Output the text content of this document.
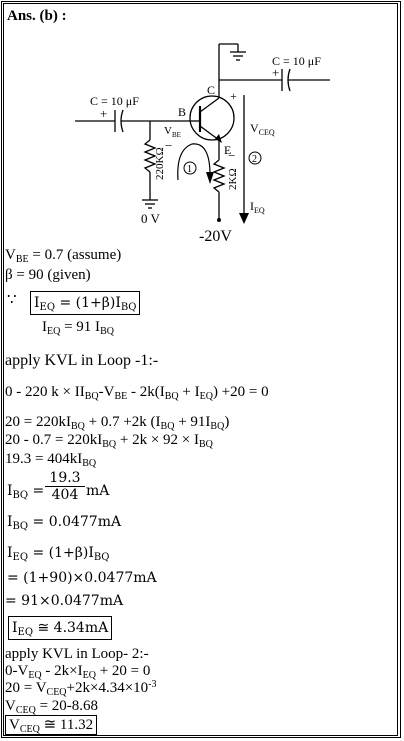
Ans. (b) :
C = 10 μF
+
C = 10 μF
+
B
C
E
$V_{BE}$
−
+
−
$V_{CEQ}$
$I_{EQ}$
220KΩ	2KΩ
1
2
0 V
-20V
$V_{BE} = 0.7$ (assume)
β = 90 (given)
∵ $I_{EQ} = (1+\beta)I_{BQ}$
$I_{EQ} = 91$ $I_{BQ}$
apply KVL in Loop -1:-
0 - 220 $k \times II_{BQ}-V_{BE} - 2k(I_{BQ} + I_{EQ}) +20 = 0$
$20 = 220kI_{BQ} + 0.7 +2k$ $(I_{BQ} + 91I_{BQ})$
$20 - 0.7 = 220kI_{BQ} + 2k \times 92 \times I_{BQ}$
$19.3 = 404kI_{BQ}$
$I_{BQ} = \frac{19.3}{404}$ mA
$I_{BQ} = 0.0477mA$
$I_{EQ} = (1+\beta)I_{BQ}$
= (1+90)×0.0477mA
= 91×0.0477mA
$I_{EQ}$ ≅ 4.34mA
apply KVL in Loop- 2:-
$0-V_{EQ} - 2k\times I_{EQ} + 20 = 0$
$20 = V_{CEQ}+2k\times 4.34\times 10^{-3}$
$V_{CEQ} = 20-8.68$
$V_{CEQ}$ ≅ 11.32
